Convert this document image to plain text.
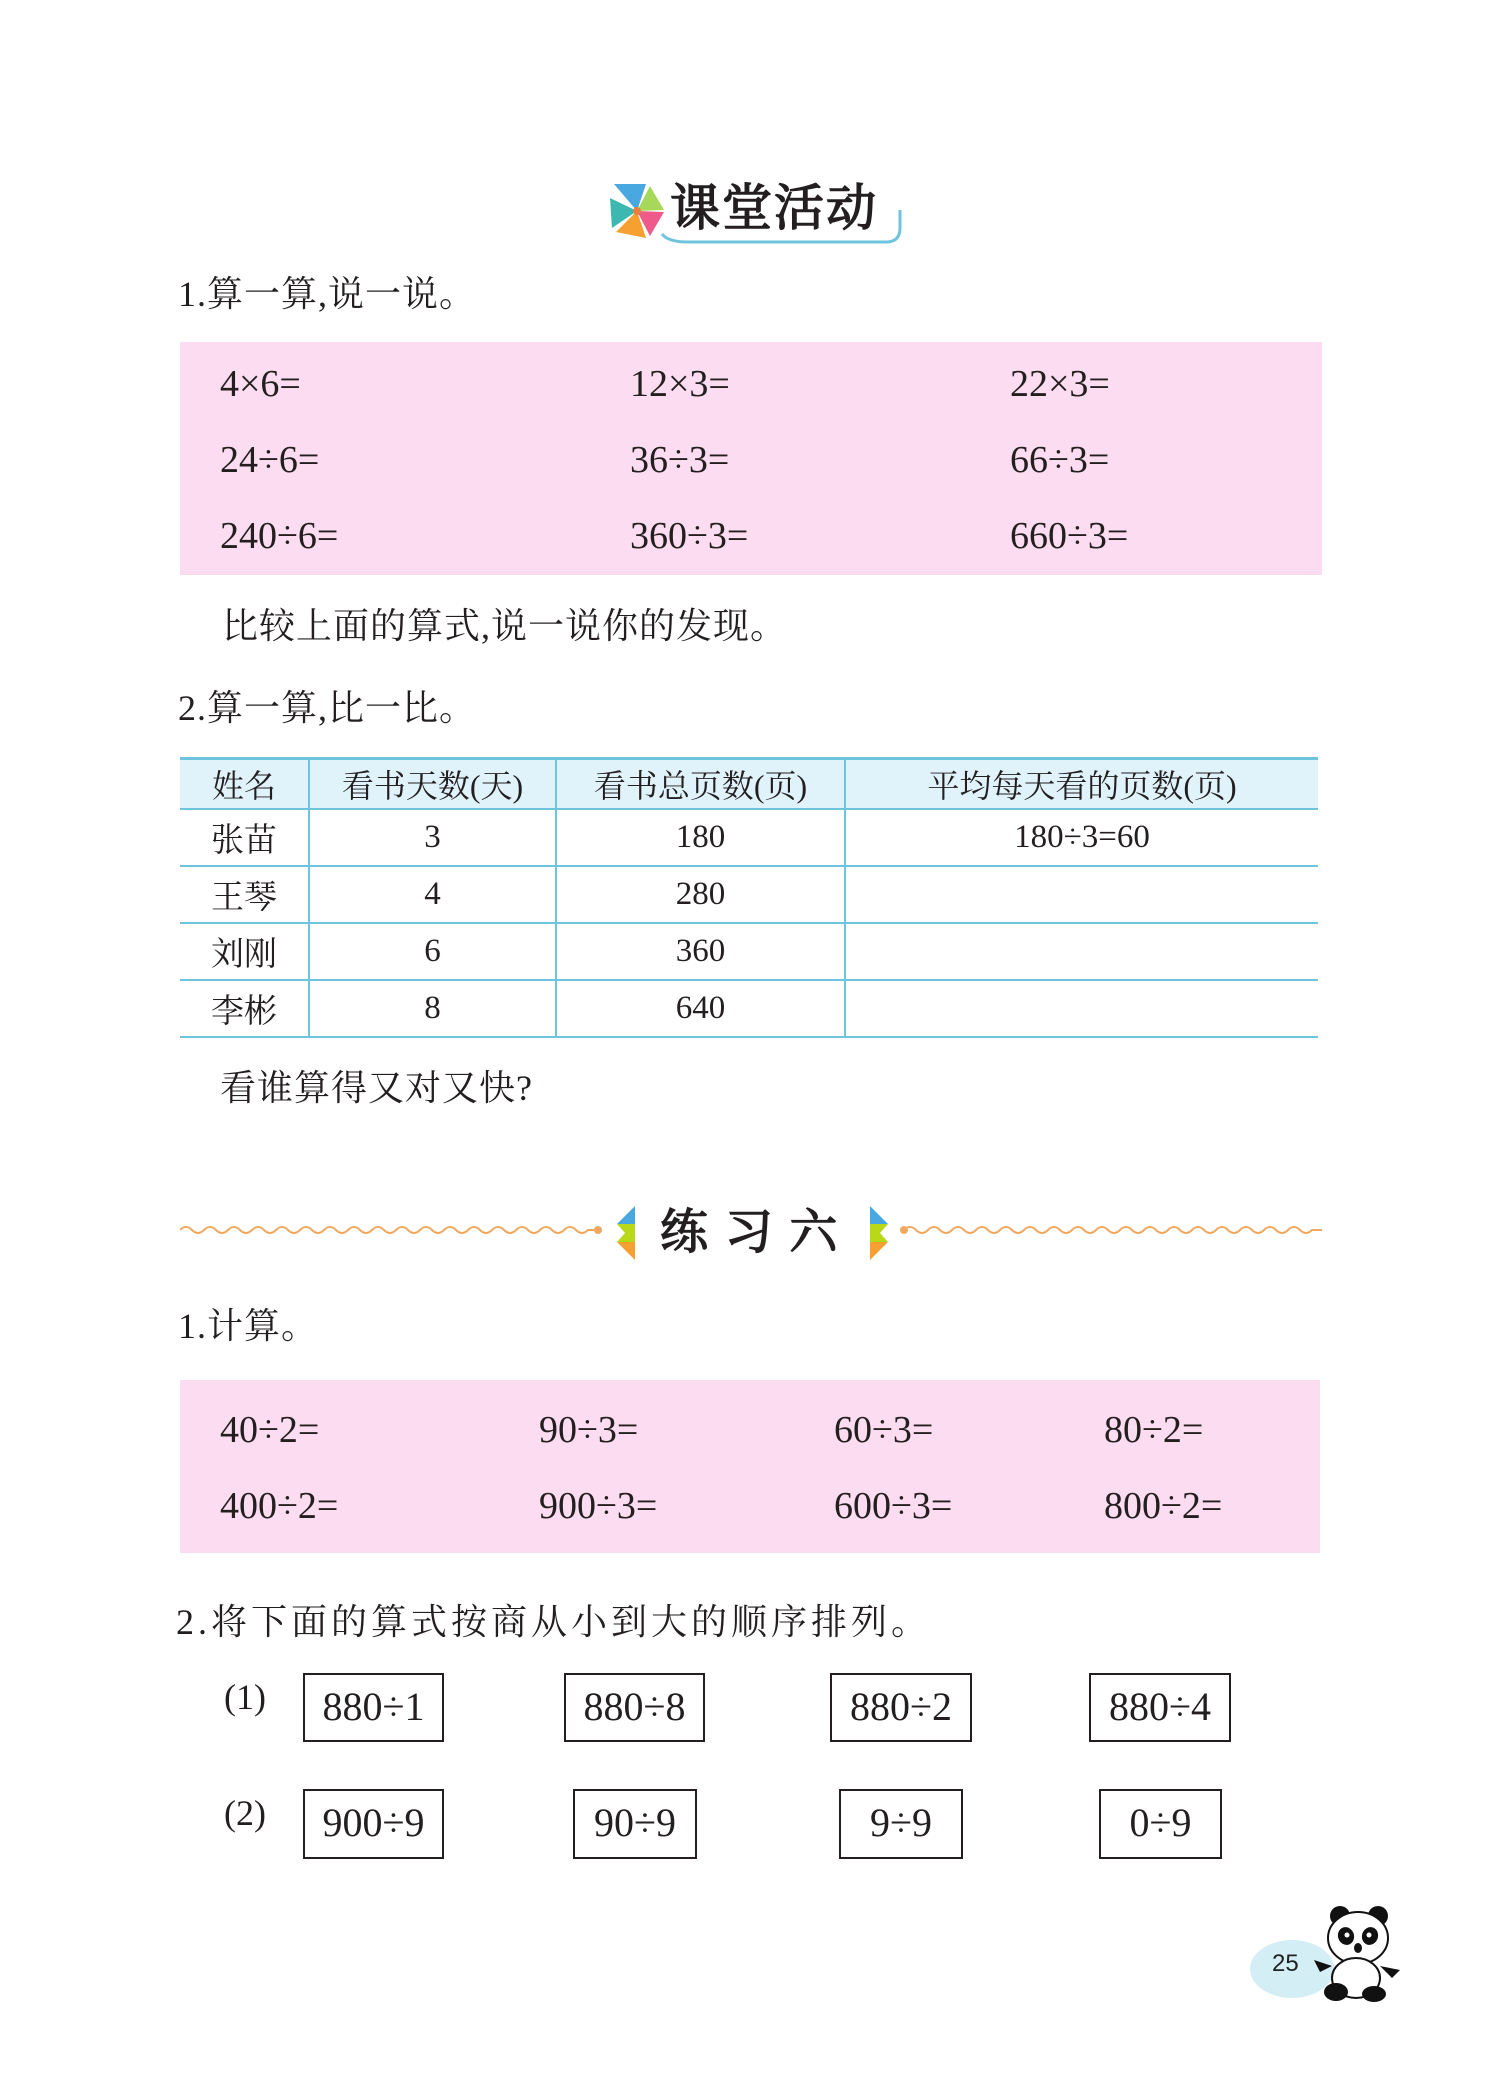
课堂活动
1.算一算,说一说。
4×6=	12×3=	22×3=
24÷6=	36÷3=	66÷3=
240÷6=	360÷3=	660÷3=
比较上面的算式,说一说你的发现。
2.算一算,比一比。
姓名	看书天数(天)	看书总页数(页)	平均每天看的页数(页)
张苗	3	180	180÷3=60
王琴	4	280	
刘刚	6	360	
李彬	8	640	
看谁算得又对又快?
练 习 六
1.计算。
40÷2=	90÷3=	60÷3=	80÷2=
400÷2=	900÷3=	600÷3=	800÷2=
2.将下面的算式按商从小到大的顺序排列。
(1)	880÷1	880÷8	880÷2	880÷4
(2)	900÷9	90÷9	9÷9	0÷9
25
